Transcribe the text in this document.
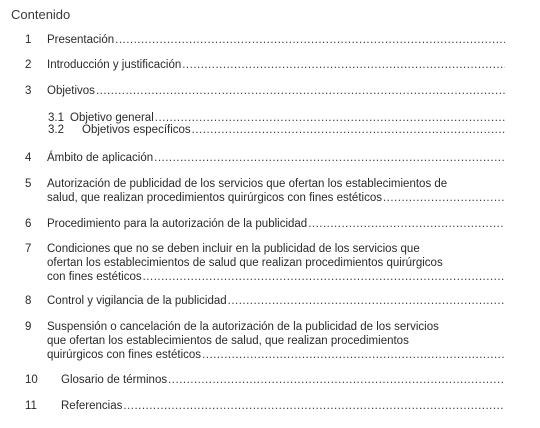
Contenido
1 Presentación
.....
2 Introducción y justificación
.....
3 Objetivos
.....
3.1 Objetivo general
.....
3.2 Objetivos específicos
.....
4 Ámbito de aplicación
.....
5 Autorización de publicidad de los servicios que ofertan los establecimientos de
salud, que realizan procedimientos quirúrgicos con fines estéticos
.....
6 Procedimiento para la autorización de la publicidad
.....
7 Condiciones que no se deben incluir en la publicidad de los servicios que
ofertan los establecimientos de salud que realizan procedimientos quirúrgicos
con fines estéticos
.....
8 Control y vigilancia de la publicidad
.....
9 Suspensión o cancelación de la autorización de la publicidad de los servicios
que ofertan los establecimientos de salud, que realizan procedimientos
quirúrgicos con fines estéticos
.....
10 Glosario de términos
.....
11 Referencias
.....
